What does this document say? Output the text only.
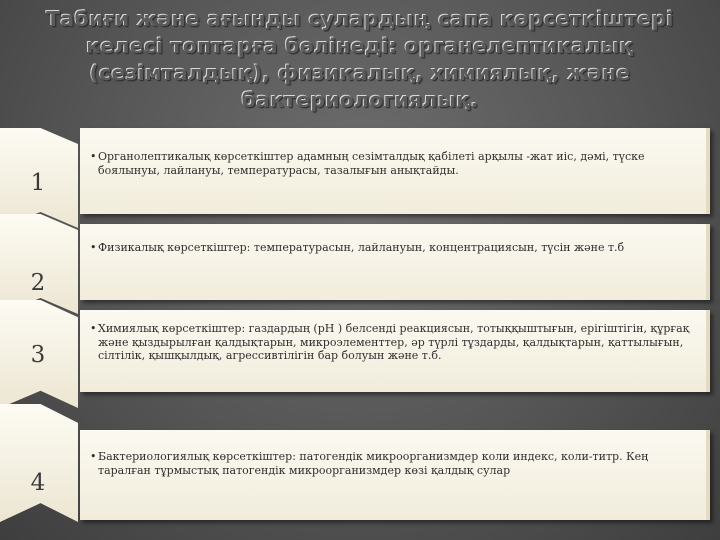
Табиғи және ағынды сулардың сапа көрсеткіштері келесі топтарға бөлінеді: органелептикалық (сезімталдық), физикалық, химиялық, және бактериологиялық.
1
• Органолептикалық көрсеткіштер адамның сезімталдық қабілеті арқылы -жат иіс, дәмі, түске боялынуы, лайлануы, температурасы, тазалығын анықтайды.
2
• Физикалық көрсеткіштер: температурасын, лайлануын, концентрациясын, түсін және т.б
3
• Химиялық көрсеткіштер: газдардың (рН ) белсенді реакциясын, тотыққыштығын, ерігіштігін, құрғақ және қыздырылған қалдықтарын, микроэлементтер, әр түрлі тұздарды, қалдықтарын, қаттылығын, сілтілік, қышқылдық, агрессивтілігін бар болуын және т.б.
4
• Бактериологиялық көрсеткіштер: патогендік микроорганизмдер коли индекс, коли-титр. Кең таралған тұрмыстық патогендік микроорганизмдер көзі қалдық сулар
